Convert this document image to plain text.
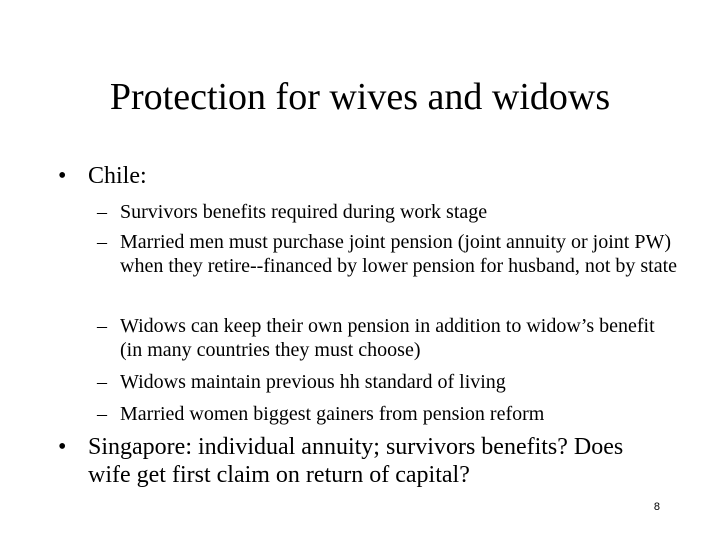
Protection for wives and widows
• Chile:
– Survivors benefits required during work stage
– Married men must purchase joint pension (joint annuity or joint PW) when they retire--financed by lower pension for husband, not by state
– Widows can keep their own pension in addition to widow’s benefit (in many countries they must choose)
– Widows maintain previous hh standard of living
– Married women biggest gainers from pension reform
• Singapore: individual annuity; survivors benefits? Does wife get first claim on return of capital?
8
